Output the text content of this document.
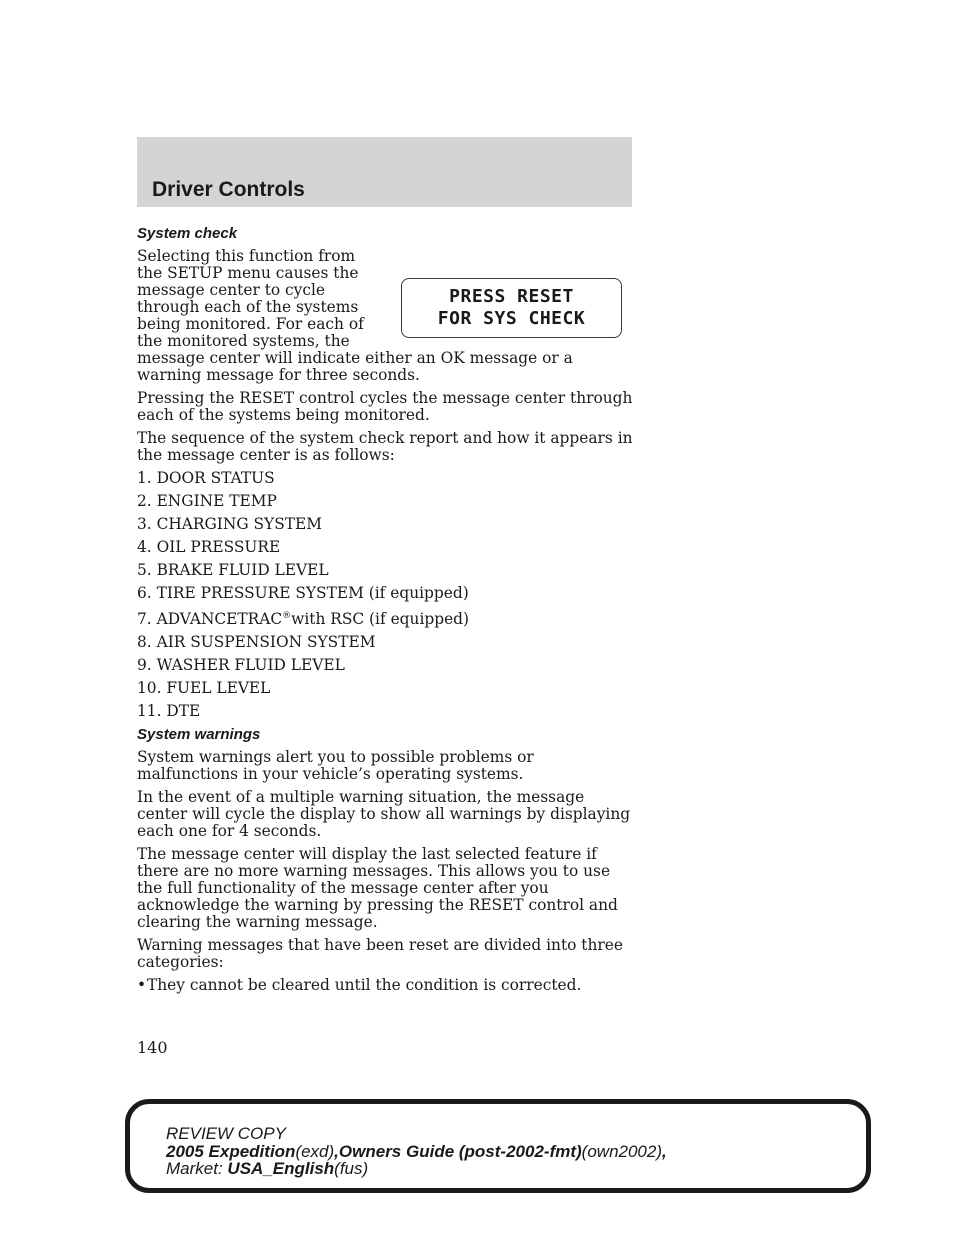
Driver Controls
System check
PRESS RESET
FOR SYS CHECK

Selecting this function from the SETUP menu causes the message center to cycle through each of the systems being monitored. For each of the monitored systems, the message center will indicate either an OK message or a warning message for three seconds.

Pressing the RESET control cycles the message center through each of the systems being monitored.

The sequence of the system check report and how it appears in the message center is as follows:

1. DOOR STATUS
2. ENGINE TEMP
3. CHARGING SYSTEM
4. OIL PRESSURE
5. BRAKE FLUID LEVEL
6. TIRE PRESSURE SYSTEM (if equipped)
7. ADVANCETRAC®with RSC (if equipped)
8. AIR SUSPENSION SYSTEM
9. WASHER FLUID LEVEL
10. FUEL LEVEL
11. DTE
System warnings

System warnings alert you to possible problems or malfunctions in your vehicle’s operating systems.

In the event of a multiple warning situation, the message center will cycle the display to show all warnings by displaying each one for 4 seconds.

The message center will display the last selected feature if there are no more warning messages. This allows you to use the full functionality of the message center after you acknowledge the warning by pressing the RESET control and clearing the warning message.

Warning messages that have been reset are divided into three categories:

• They cannot be cleared until the condition is corrected.
140
REVIEW COPY
2005 Expedition(exd),Owners Guide (post-2002-fmt)(own2002),
Market: USA_English(fus)
